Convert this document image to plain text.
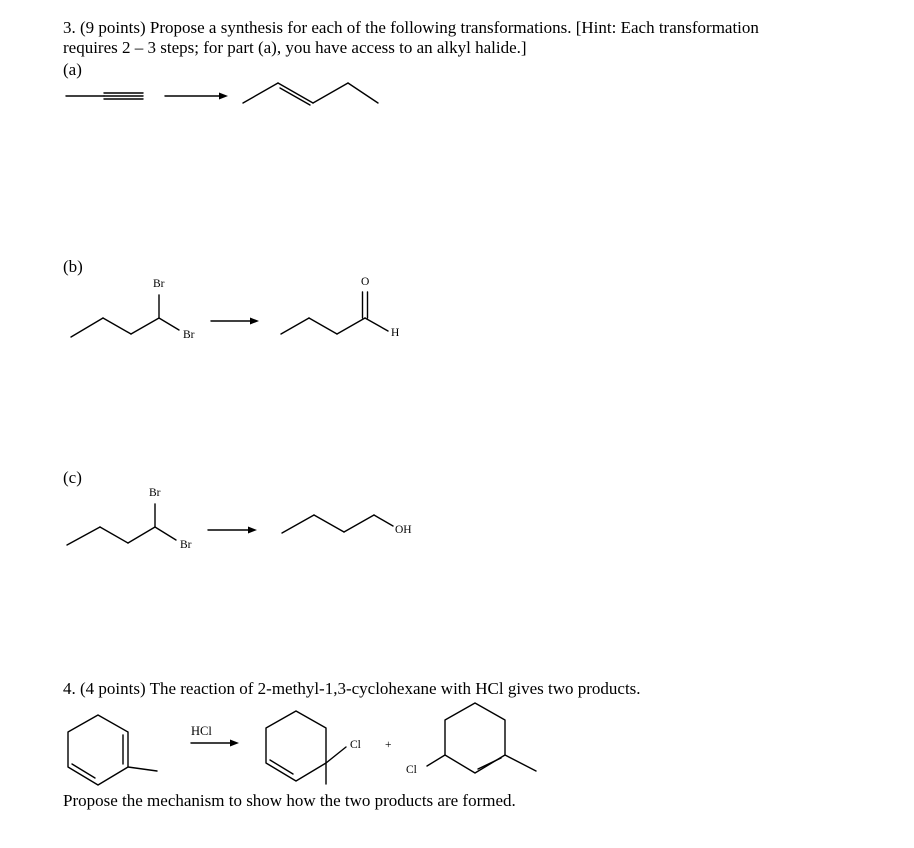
3. (9 points) Propose a synthesis for each of the following transformations. [Hint: Each transformation
requires 2 – 3 steps; for part (a), you have access to an alkyl halide.]
(a)
(b)
(c)
Br
Br
O
H
Br
Br
OH
4. (4 points) The reaction of 2-methyl-1,3-cyclohexane with HCl gives two products.
HCl
Cl +
Cl
Propose the mechanism to show how the two products are formed.
